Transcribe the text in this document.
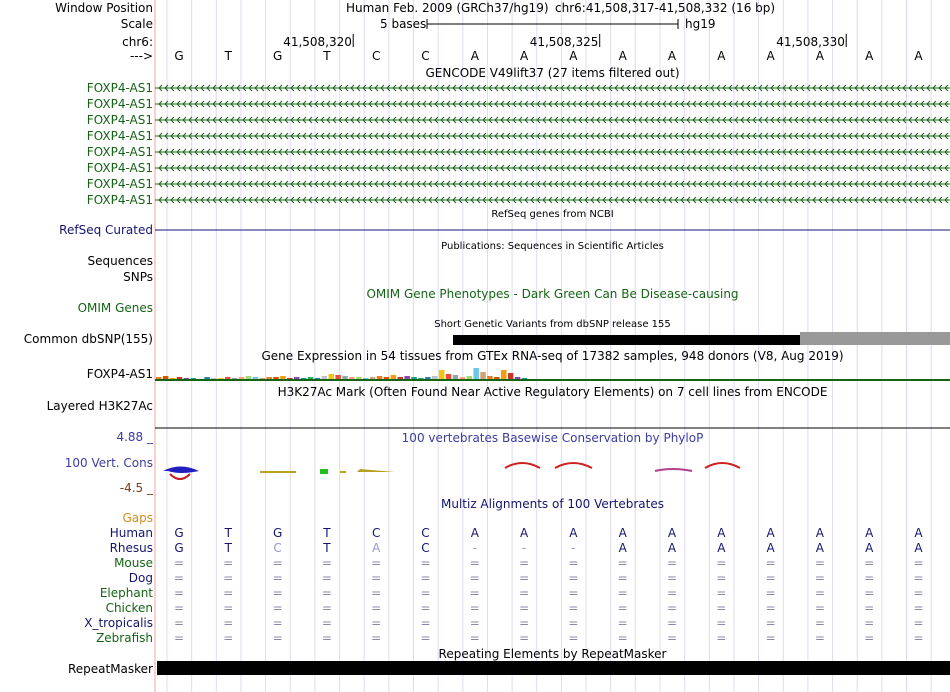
Window Position
Scale
chr6:
--->
Human Feb. 2009 (GRCh37/hg19) chr6:41,508,317-41,508,332 (16 bp)
5 bases	hg19
41,508,320	41,508,325	41,508,330
G	T	G	T	C	C	A	A	A	A	A	A	A	A	A	A
GENCODE V49lift37 (27 items filtered out)
FOXP4-AS1
FOXP4-AS1
FOXP4-AS1
FOXP4-AS1
FOXP4-AS1
FOXP4-AS1
FOXP4-AS1
FOXP4-AS1
RefSeq genes from NCBI
RefSeq Curated
Publications: Sequences in Scientific Articles
Sequences
SNPs
OMIM Gene Phenotypes - Dark Green Can Be Disease-causing
OMIM Genes
Short Genetic Variants from dbSNP release 155
Common dbSNP(155)
Gene Expression in 54 tissues from GTEx RNA-seq of 17382 samples, 948 donors (V8, Aug 2019)
FOXP4-AS1
H3K27Ac Mark (Often Found Near Active Regulatory Elements) on 7 cell lines from ENCODE
Layered H3K27Ac
100 vertebrates Basewise Conservation by PhyloP
4.88 _
100 Vert. Cons
-4.5 _
Multiz Alignments of 100 Vertebrates
Gaps
Human	G	T	G	T	C	C	A	A	A	A	A	A	A	A	A	A
Rhesus	G	T	C	T	A	C	-	-	-	A	A	A	A	A	A	A
Mouse	=	=	=	=	=	=	=	=	=	=	=	=	=	=	=	=
Dog	=	=	=	=	=	=	=	=	=	=	=	=	=	=	=	=
Elephant	=	=	=	=	=	=	=	=	=	=	=	=	=	=	=	=
Chicken	=	=	=	=	=	=	=	=	=	=	=	=	=	=	=	=
X_tropicalis	=	=	=	=	=	=	=	=	=	=	=	=	=	=	=	=
Zebrafish	=	=	=	=	=	=	=	=	=	=	=	=	=	=	=	=
Repeating Elements by RepeatMasker
RepeatMasker
